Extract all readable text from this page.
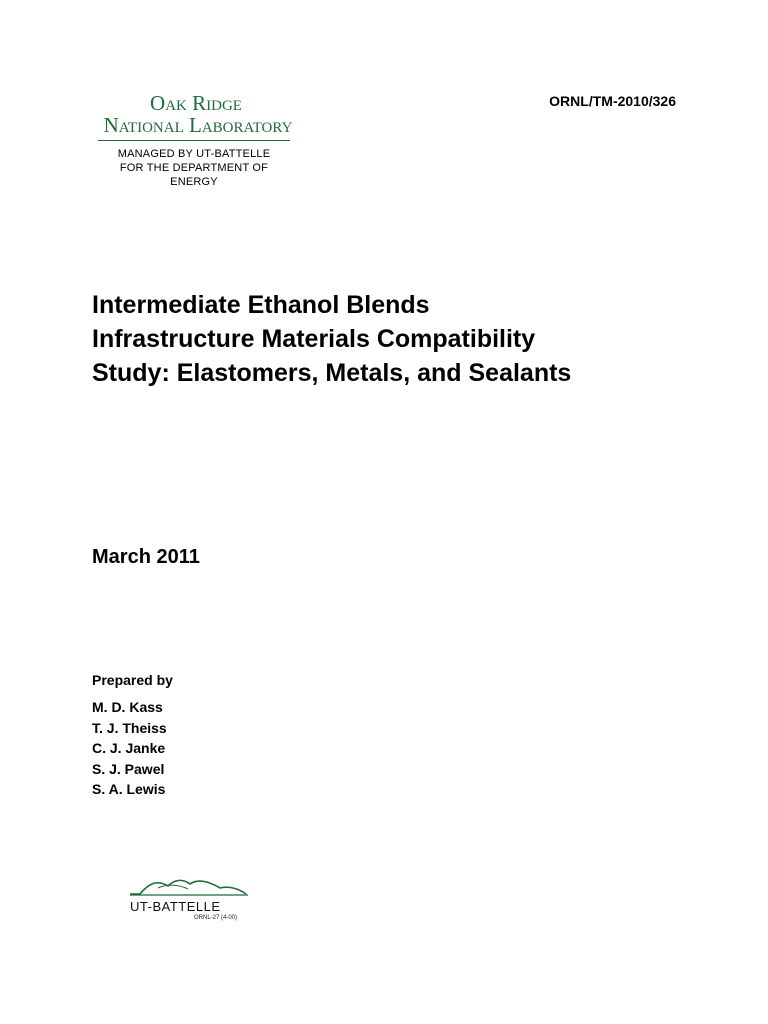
Oak Ridge
National Laboratory
MANAGED BY UT-BATTELLE
FOR THE DEPARTMENT OF ENERGY
ORNL/TM-2010/326
Intermediate Ethanol Blends
Infrastructure Materials Compatibility
Study: Elastomers, Metals, and Sealants
March 2011
Prepared by
M. D. Kass
T. J. Theiss
C. J. Janke
S. J. Pawel
S. A. Lewis
UT-BATTELLE
ORNL-27 (4-00)
